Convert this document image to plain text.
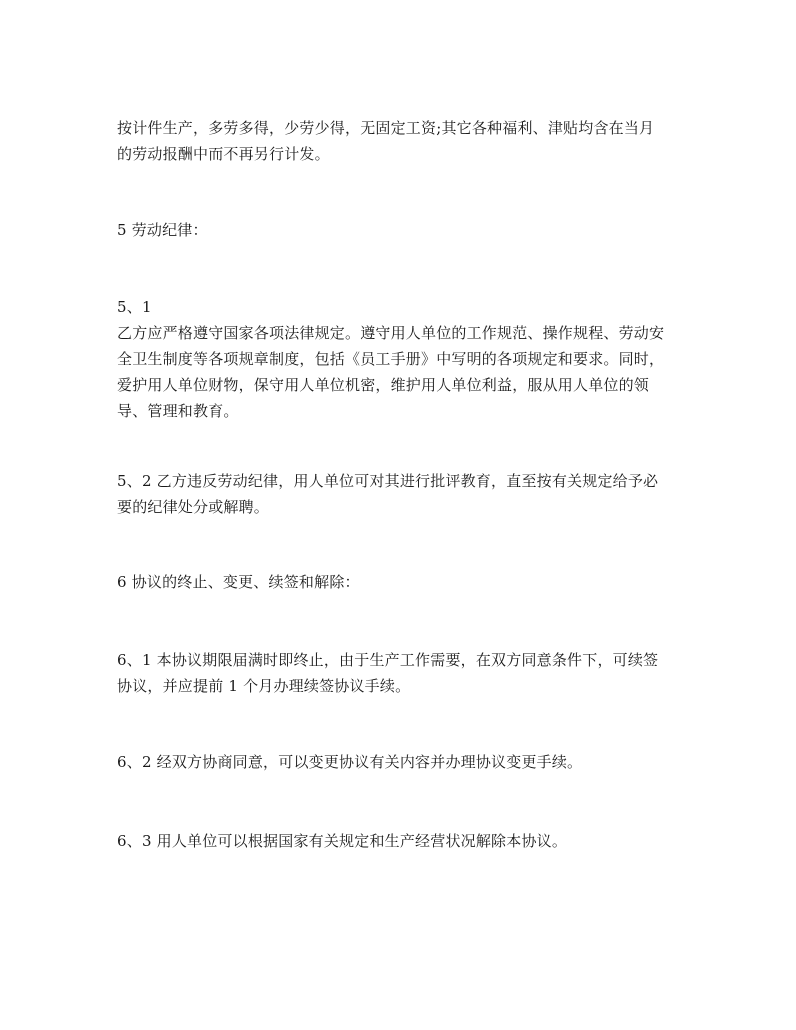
按计件生产，多劳多得，少劳少得，无固定工资;其它各种福利、津贴均含在当月
的劳动报酬中而不再另行计发。

5 劳动纪律：

5、1
乙方应严格遵守国家各项法律规定。遵守用人单位的工作规范、操作规程、劳动安
全卫生制度等各项规章制度，包括《员工手册》中写明的各项规定和要求。同时，
爱护用人单位财物，保守用人单位机密，维护用人单位利益，服从用人单位的领
导、管理和教育。

5、2 乙方违反劳动纪律，用人单位可对其进行批评教育，直至按有关规定给予必
要的纪律处分或解聘。

6 协议的终止、变更、续签和解除：

6、1 本协议期限届满时即终止，由于生产工作需要，在双方同意条件下，可续签
协议，并应提前 1 个月办理续签协议手续。

6、2 经双方协商同意，可以变更协议有关内容并办理协议变更手续。

6、3 用人单位可以根据国家有关规定和生产经营状况解除本协议。
